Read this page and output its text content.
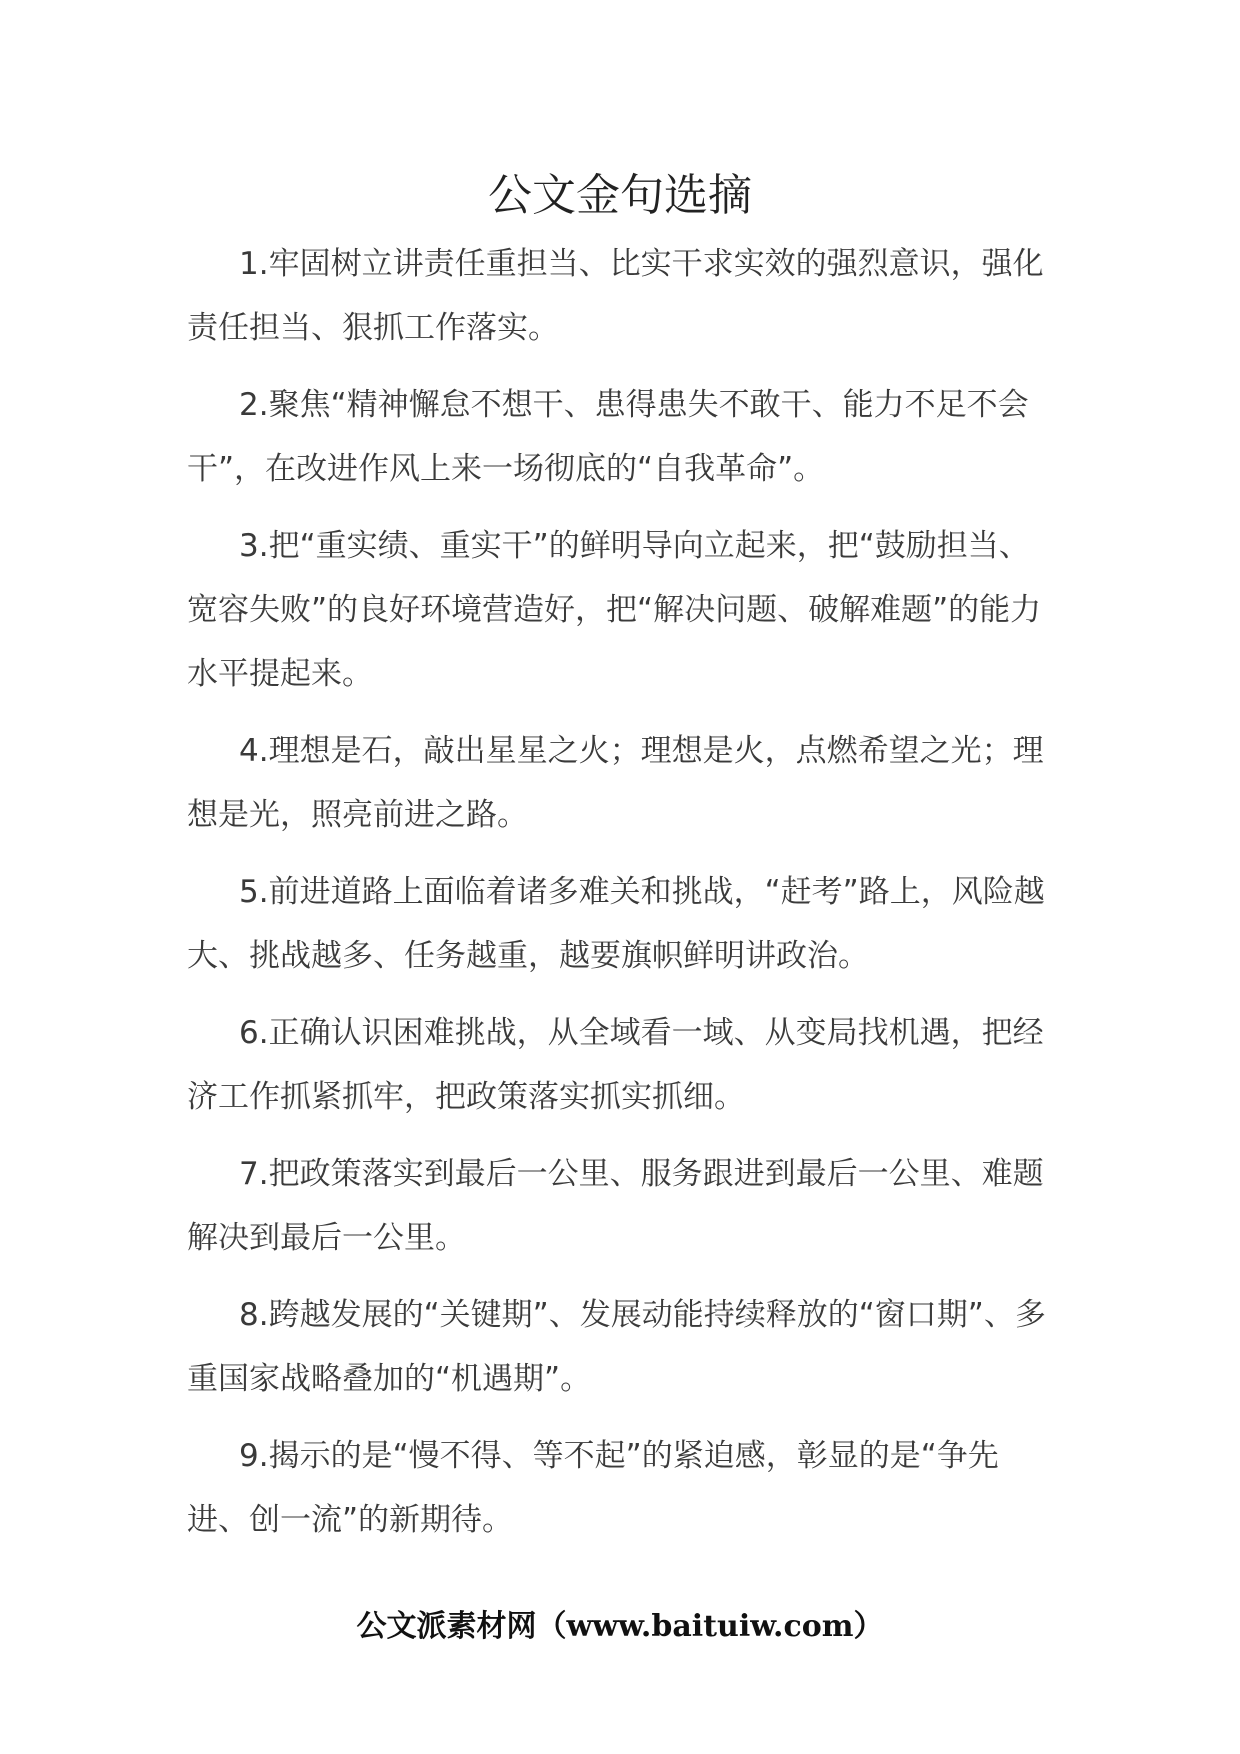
公文金句选摘

1.牢固树立讲责任重担当、比实干求实效的强烈意识，强化责任担当、狠抓工作落实。

2.聚焦“精神懈怠不想干、患得患失不敢干、能力不足不会干”，在改进作风上来一场彻底的“自我革命”。

3.把“重实绩、重实干”的鲜明导向立起来，把“鼓励担当、宽容失败”的良好环境营造好，把“解决问题、破解难题”的能力水平提起来。

4.理想是石，敲出星星之火；理想是火，点燃希望之光；理想是光，照亮前进之路。

5.前进道路上面临着诸多难关和挑战，“赶考”路上，风险越大、挑战越多、任务越重，越要旗帜鲜明讲政治。

6.正确认识困难挑战，从全域看一域、从变局找机遇，把经济工作抓紧抓牢，把政策落实抓实抓细。

7.把政策落实到最后一公里、服务跟进到最后一公里、难题解决到最后一公里。

8.跨越发展的“关键期”、发展动能持续释放的“窗口期”、多重国家战略叠加的“机遇期”。

9.揭示的是“慢不得、等不起”的紧迫感，彰显的是“争先进、创一流”的新期待。

公文派素材网（www.baituiw.com）
